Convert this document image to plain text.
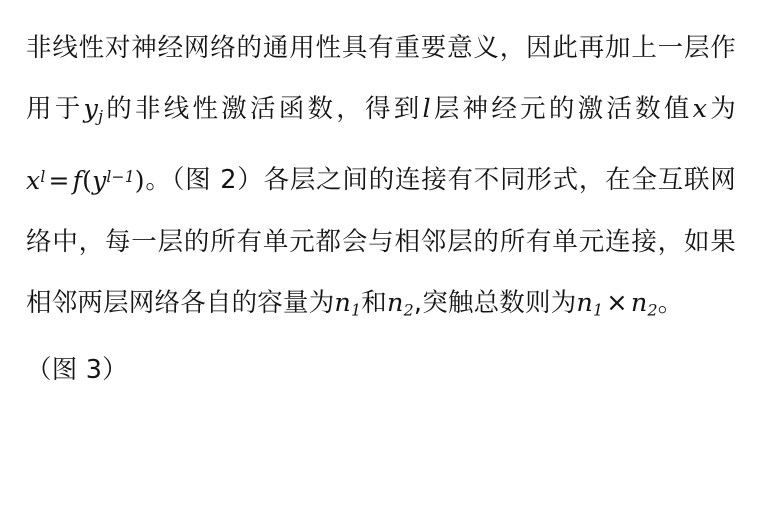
非线性对神经网络的通用性具有重要意义，因此再加上一层作用于$y_j$的非线性激活函数，得到l层神经元的激活数值x为$x^l = f(y^{l-1})$。（图 2）各层之间的连接有不同形式，在全互联网络中，每一层的所有单元都会与相邻层的所有单元连接，如果相邻两层网络各自的容量为$n_1$和$n_2$,突触总数则为$n_1 \times n_2$。
（图 3）
